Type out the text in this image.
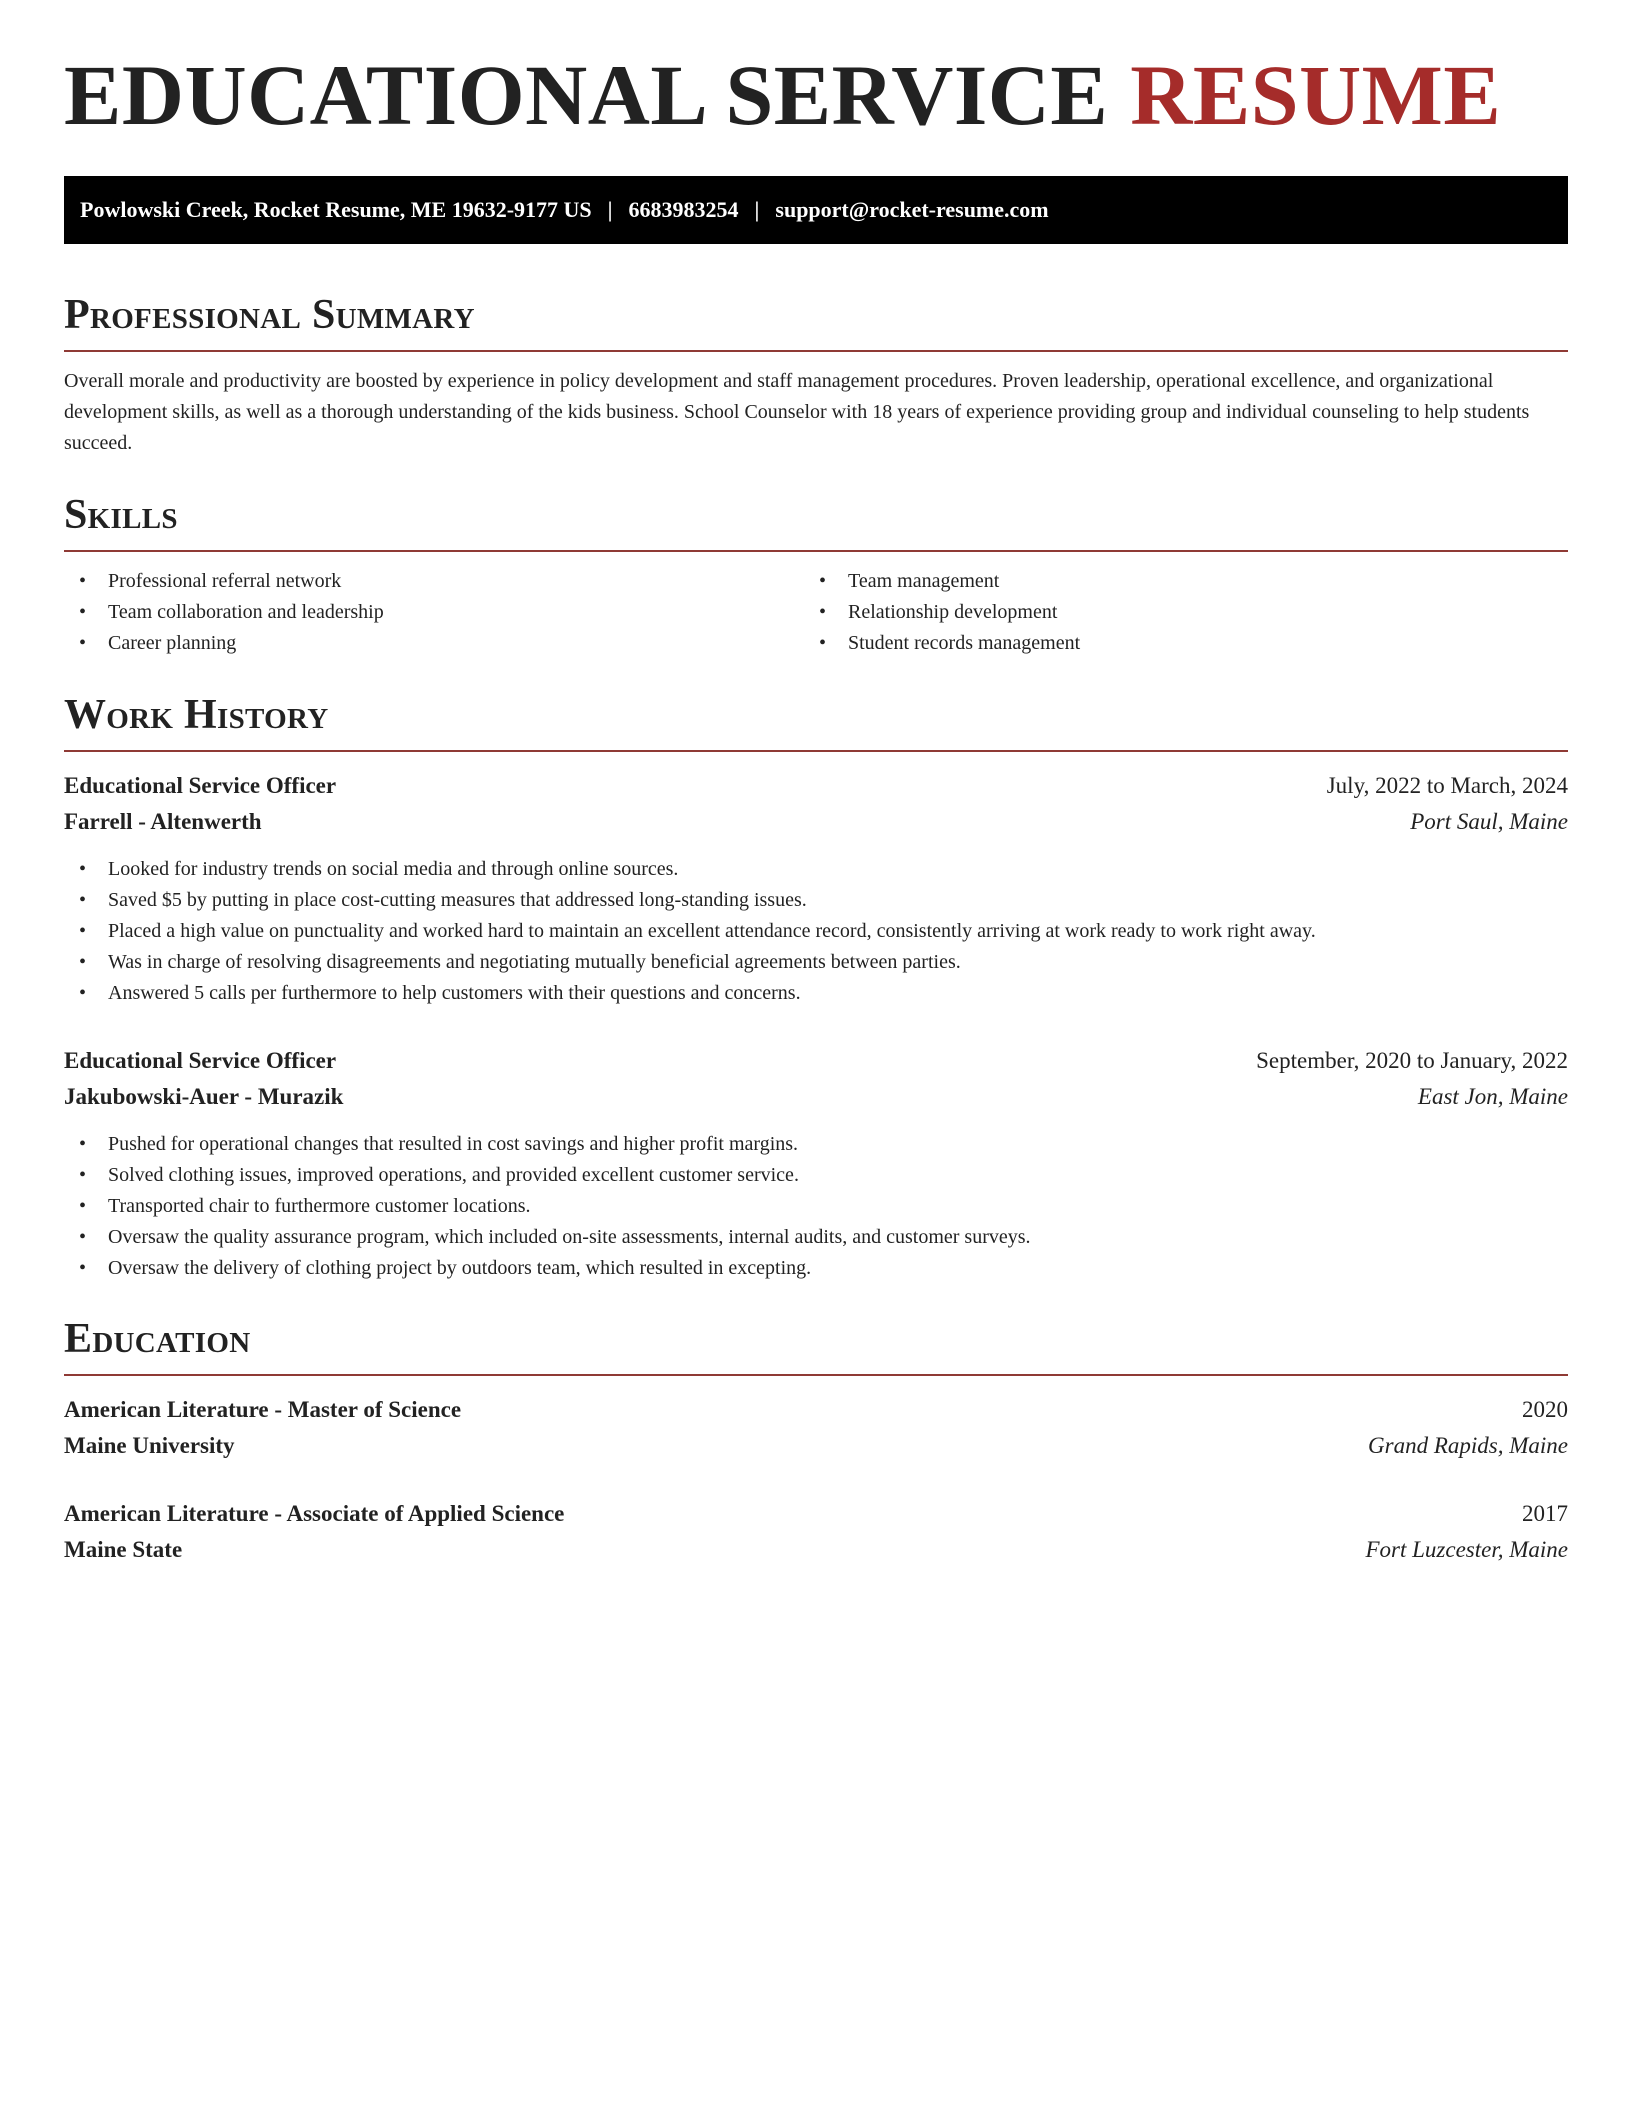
EDUCATIONAL SERVICE RESUME
Powlowski Creek, Rocket Resume, ME 19632-9177 US | 6683983254 | support@rocket-resume.com
Professional Summary

Overall morale and productivity are boosted by experience in policy development and staff management procedures. Proven leadership, operational excellence, and organizational development skills, as well as a thorough understanding of the kids business. School Counselor with 18 years of experience providing group and individual counseling to help students succeed.

Skills
• Professional referral network
• Team collaboration and leadership
• Career planning
• Team management
• Relationship development
• Student records management
Work History
Educational Service Officer	July, 2022 to March, 2024
Farrell - Altenwerth	Port Saul, Maine
• Looked for industry trends on social media and through online sources.
• Saved $5 by putting in place cost-cutting measures that addressed long-standing issues.
• Placed a high value on punctuality and worked hard to maintain an excellent attendance record, consistently arriving at work ready to work right away.
• Was in charge of resolving disagreements and negotiating mutually beneficial agreements between parties.
• Answered 5 calls per furthermore to help customers with their questions and concerns.
Educational Service Officer	September, 2020 to January, 2022
Jakubowski-Auer - Murazik	East Jon, Maine
• Pushed for operational changes that resulted in cost savings and higher profit margins.
• Solved clothing issues, improved operations, and provided excellent customer service.
• Transported chair to furthermore customer locations.
• Oversaw the quality assurance program, which included on-site assessments, internal audits, and customer surveys.
• Oversaw the delivery of clothing project by outdoors team, which resulted in excepting.
Education
American Literature - Master of Science	2020
Maine University	Grand Rapids, Maine
American Literature - Associate of Applied Science	2017
Maine State	Fort Luzcester, Maine
